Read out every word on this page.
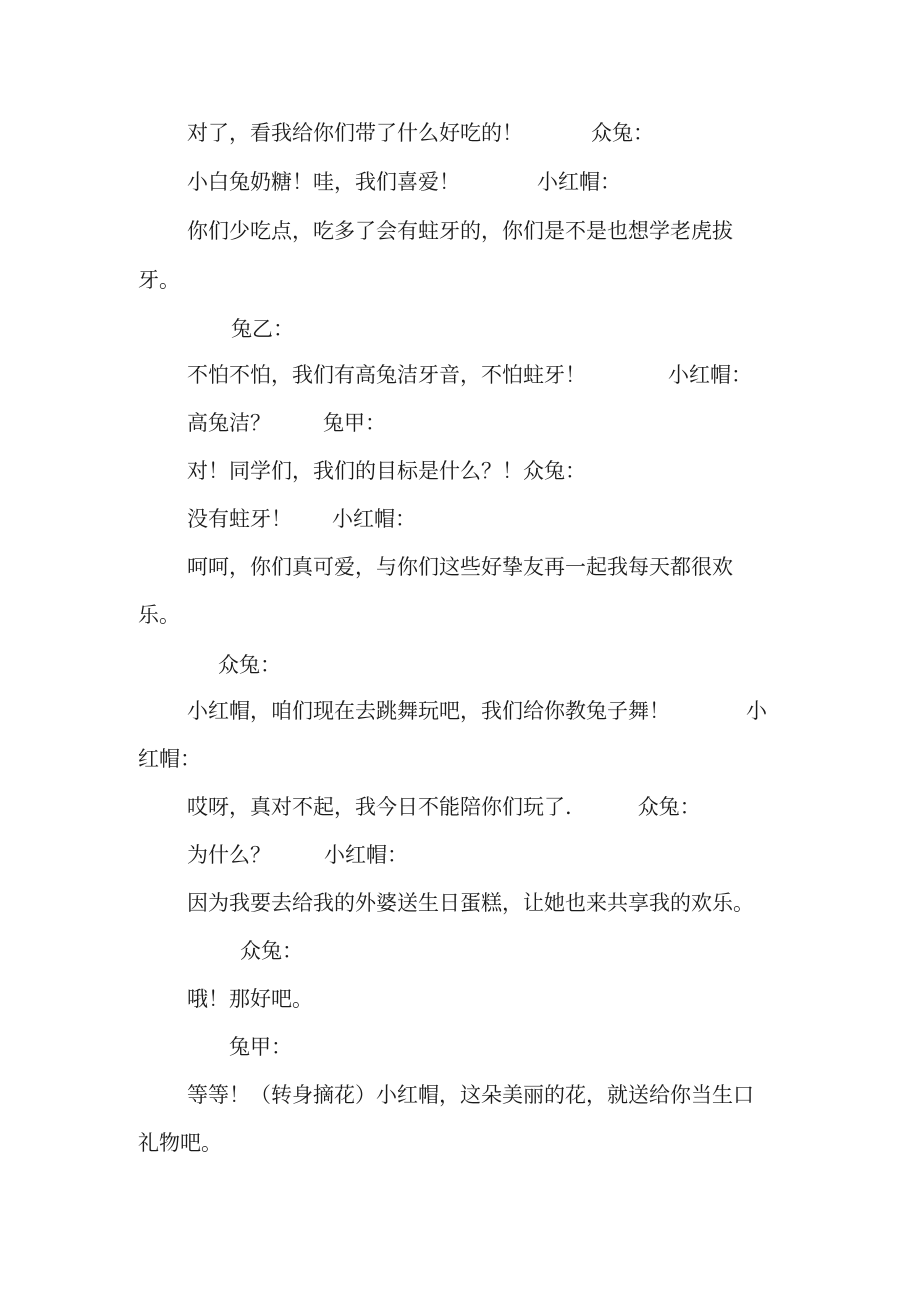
对了，看我给你们带了什么好吃的！	众兔：
小白兔奶糖！哇，我们喜爱！	小红帽：
你们少吃点，吃多了会有蛀牙的，你们是不是也想学老虎拔
牙。
兔乙：
不怕不怕，我们有高兔洁牙音，不怕蛀牙！	小红帽：
高兔洁？ 兔甲：
对！同学们，我们的目标是什么？！众兔：
没有蛀牙！ 小红帽：
呵呵，你们真可爱，与你们这些好挚友再一起我每天都很欢
乐。
众兔：
小红帽，咱们现在去跳舞玩吧，我们给你教兔子舞！	小
红帽：
哎呀，真对不起，我今日不能陪你们玩了.	众兔：
为什么？	小红帽：
因为我要去给我的外婆送生日蛋糕，让她也来共享我的欢乐。
众兔：
哦！那好吧。
兔甲：
等等！（转身摘花）小红帽，这朵美丽的花，就送给你当生口
礼物吧。
